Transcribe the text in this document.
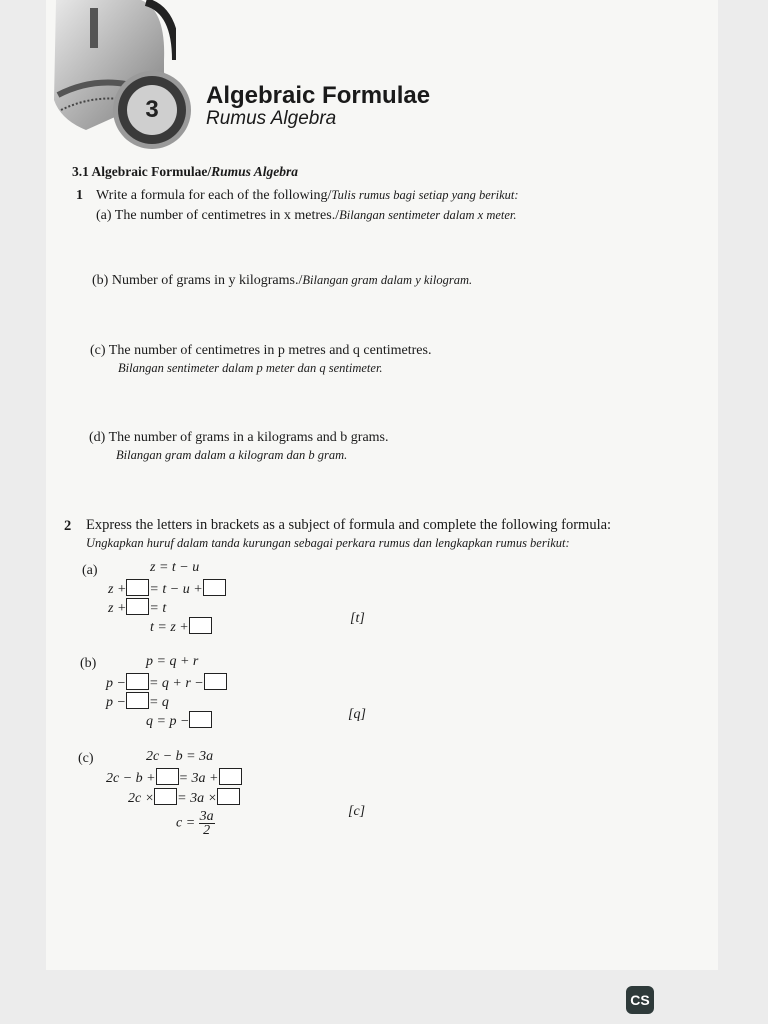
3
Algebraic Formulae
Rumus Algebra
3.1 Algebraic Formulae/Rumus Algebra
1 Write a formula for each of the following/Tulis rumus bagi setiap yang berikut:
(a) The number of centimetres in x metres./Bilangan sentimeter dalam x meter.
(b) Number of grams in y kilograms./Bilangan gram dalam y kilogram.
(c) The number of centimetres in p metres and q centimetres.
Bilangan sentimeter dalam p meter dan q sentimeter.
(d) The number of grams in a kilograms and b grams.
Bilangan gram dalam a kilogram dan b gram.
2 Express the letters in brackets as a subject of formula and complete the following formula:
Ungkapkan huruf dalam tanda kurungan sebagai perkara rumus dan lengkapkan rumus berikut:
(a)	z = t − u
z + = t − u +
z + = t
t = z +
[t]
(b)	p = q + r
p − = q + r −
p − = q
q = p −	[q]
(c)	2c − b = 3a
2c − b + = 3a +
2c × = 3a ×
$c = \frac{3a}{2}$	[c]
CS
